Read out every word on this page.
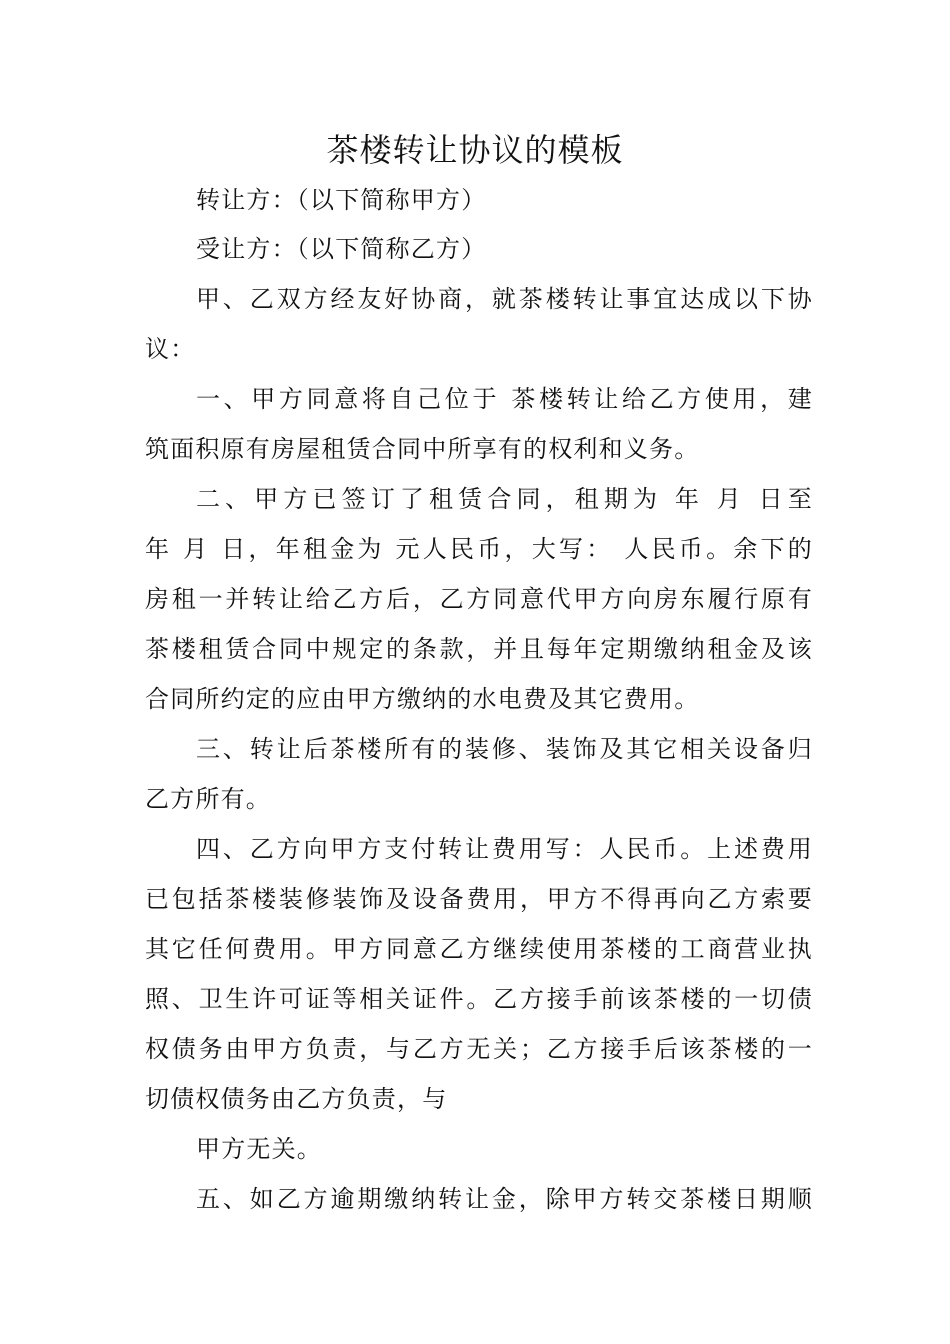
茶楼转让协议的模板
转让方：（以下简称甲方）
受让方：（以下简称乙方）
甲、乙双方经友好协商，就茶楼转让事宜达成以下协
议：
一、甲方同意将自己位于 茶楼转让给乙方使用，建
筑面积原有房屋租赁合同中所享有的权利和义务。
二、甲方已签订了租赁合同，租期为 年 月 日至
年 月 日，年租金为 元人民币，大写： 人民币。余下的
房租一并转让给乙方后，乙方同意代甲方向房东履行原有
茶楼租赁合同中规定的条款，并且每年定期缴纳租金及该
合同所约定的应由甲方缴纳的水电费及其它费用。
三、转让后茶楼所有的装修、装饰及其它相关设备归
乙方所有。
四、乙方向甲方支付转让费用写：人民币。上述费用
已包括茶楼装修装饰及设备费用，甲方不得再向乙方索要
其它任何费用。甲方同意乙方继续使用茶楼的工商营业执
照、卫生许可证等相关证件。乙方接手前该茶楼的一切债
权债务由甲方负责，与乙方无关；乙方接手后该茶楼的一
切债权债务由乙方负责，与
甲方无关。
五、如乙方逾期缴纳转让金，除甲方转交茶楼日期顺
